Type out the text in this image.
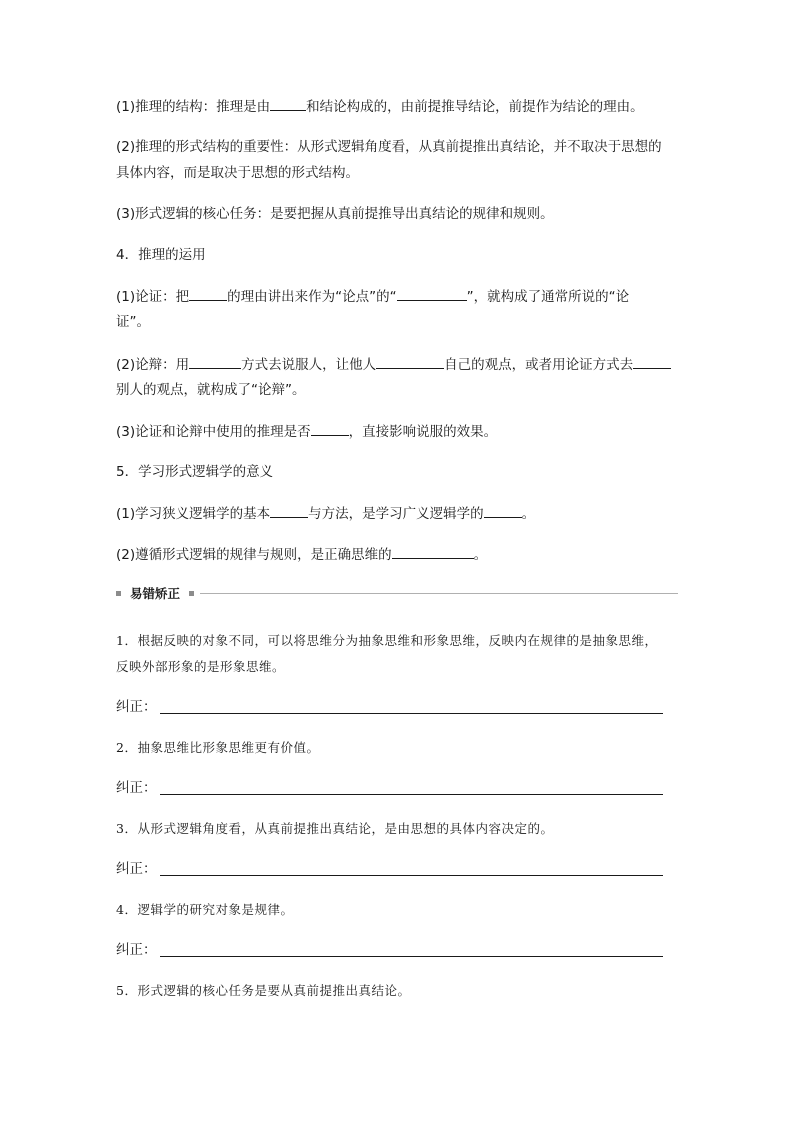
(1)推理的结构：推理是由	和结论构成的，由前提推导结论，前提作为结论的理由。
(2)推理的形式结构的重要性：从形式逻辑角度看，从真前提推出真结论，并不取决于思想的
具体内容，而是取决于思想的形式结构。
(3)形式逻辑的核心任务：是要把握从真前提推导出真结论的规律和规则。
4．推理的运用
(1)论证：把	的理由讲出来作为“论点”的“	”，就构成了通常所说的“论
证”。
(2)论辩：用	方式去说服人，让他人	自己的观点，或者用论证方式去
别人的观点，就构成了“论辩”。
(3)论证和论辩中使用的推理是否	，直接影响说服的效果。
5．学习形式逻辑学的意义
(1)学习狭义逻辑学的基本	与方法，是学习广义逻辑学的	。
(2)遵循形式逻辑的规律与规则，是正确思维的	。
易错矫正
1．根据反映的对象不同，可以将思维分为抽象思维和形象思维，反映内在规律的是抽象思维，
反映外部形象的是形象思维。
纠正：
2．抽象思维比形象思维更有价值。
纠正：
3．从形式逻辑角度看，从真前提推出真结论，是由思想的具体内容决定的。
纠正：
4．逻辑学的研究对象是规律。
纠正：
5．形式逻辑的核心任务是要从真前提推出真结论。
